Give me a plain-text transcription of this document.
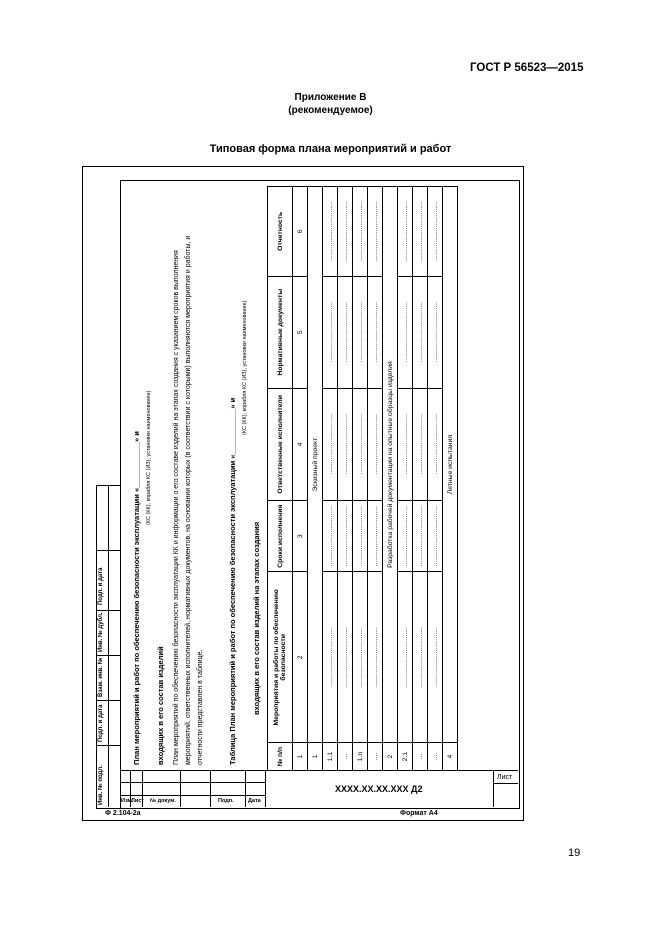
ГОСТ Р 56523—2015
Приложение В
(рекомендуемое)
Типовая форма плана мероприятий и работ
Инв. № подл.
Подп. и дата
Взам. инв. №
Инв. № дубл.
Подп. и дата	План мероприятий и работ по обеспечению безопасности эксплуатации «___________» и (КС (КК), корабля КС (ИЗ), установки наименование)
входящих в его состав изделий План мероприятий по обеспечению безопасности эксплуатации КК и информации о его составе изделий на этапах создания с указанием сроков выполнения мероприятий, ответственных исполнителей, нормативных документов, на основании которых (в соответствии с которыми) выполняются мероприятия и работы, и отчетности представлен в таблице.	Таблица План мероприятий и работ по обеспечению безопасности эксплуатации «___________» и
(КС (КК), корабля КС (ИЗ), установки наименование)
входящих в его состав изделий на этапах создания
№ п/п	Мероприятия и работы по обеспечению безопасности	Сроки исполнения	Ответственные исполнители	Нормативные документы	Отчетность
1	2	3	4	5	6
1	Эскизный проект				
1.1	................................	................................	................................	................................	................................
...	................................	................................	................................	................................	................................
1.n	................................	................................	................................	................................	................................
....	................................	................................	................................	................................	................................
2	Разработка рабочей документации на опытные образцы изделия				
2.1	................................	................................	................................	................................	................................
...	................................	................................	................................	................................	................................
....	................................	................................	................................	................................	................................
4	Летные испытания				
Изм.
Лист № докум.	Подп.	Дата
XXXX.XX.XX.XXX Д2
Лист
Ф 2.104-2а	Формат А4
19
